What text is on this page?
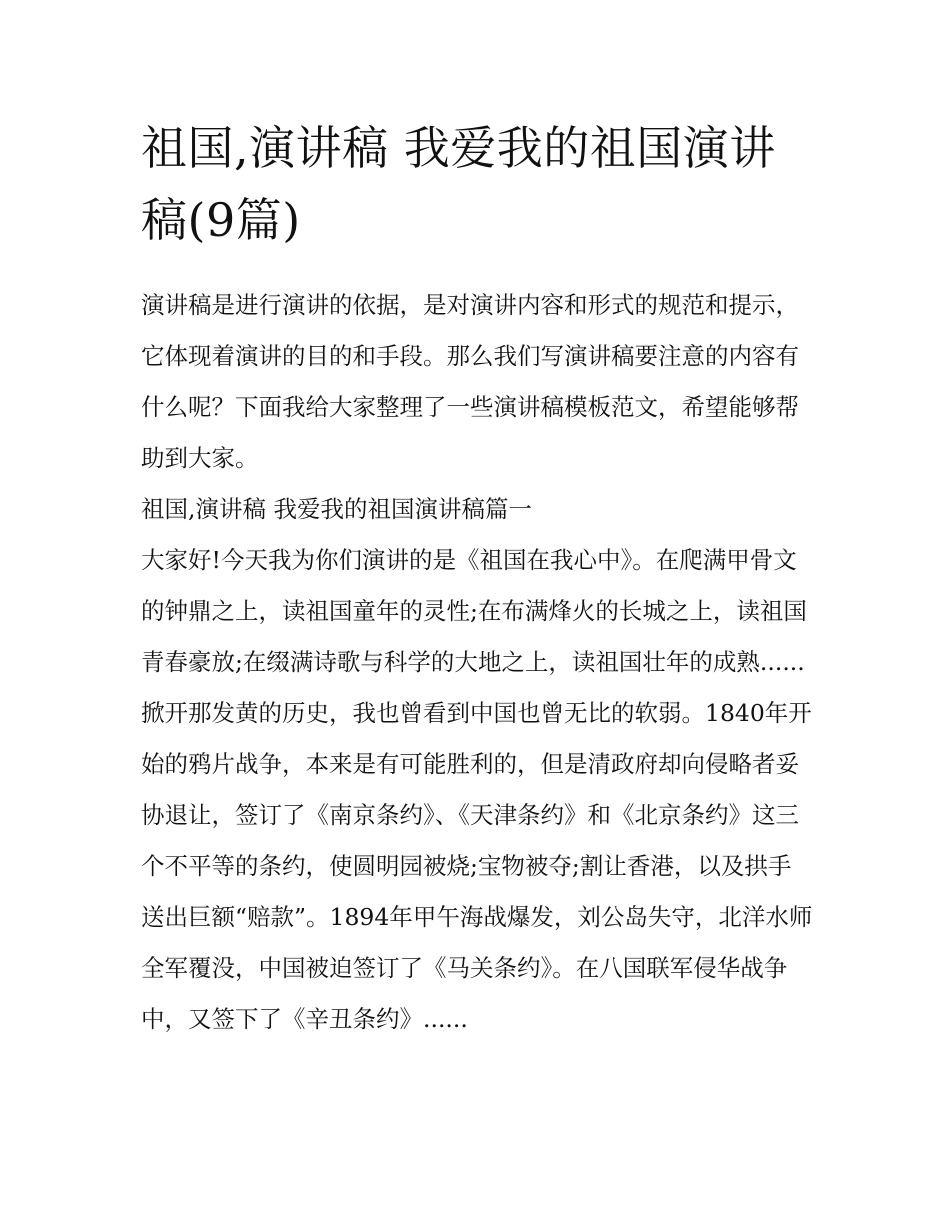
祖国,演讲稿 我爱我的祖国演讲稿(9篇)

演讲稿是进行演讲的依据，是对演讲内容和形式的规范和提示，它体现着演讲的目的和手段。那么我们写演讲稿要注意的内容有什么呢？下面我给大家整理了一些演讲稿模板范文，希望能够帮助到大家。

祖国,演讲稿 我爱我的祖国演讲稿篇一

大家好!今天我为你们演讲的是《祖国在我心中》。在爬满甲骨文的钟鼎之上，读祖国童年的灵性;在布满烽火的长城之上，读祖国青春豪放;在缀满诗歌与科学的大地之上，读祖国壮年的成熟......

掀开那发黄的历史，我也曾看到中国也曾无比的软弱。1840年开始的鸦片战争，本来是有可能胜利的，但是清政府却向侵略者妥协退让，签订了《南京条约》、《天津条约》和《北京条约》这三个不平等的条约，使圆明园被烧;宝物被夺;割让香港，以及拱手送出巨额“赔款”。1894年甲午海战爆发，刘公岛失守，北洋水师全军覆没，中国被迫签订了《马关条约》。在八国联军侵华战争中，又签下了《辛丑条约》......
